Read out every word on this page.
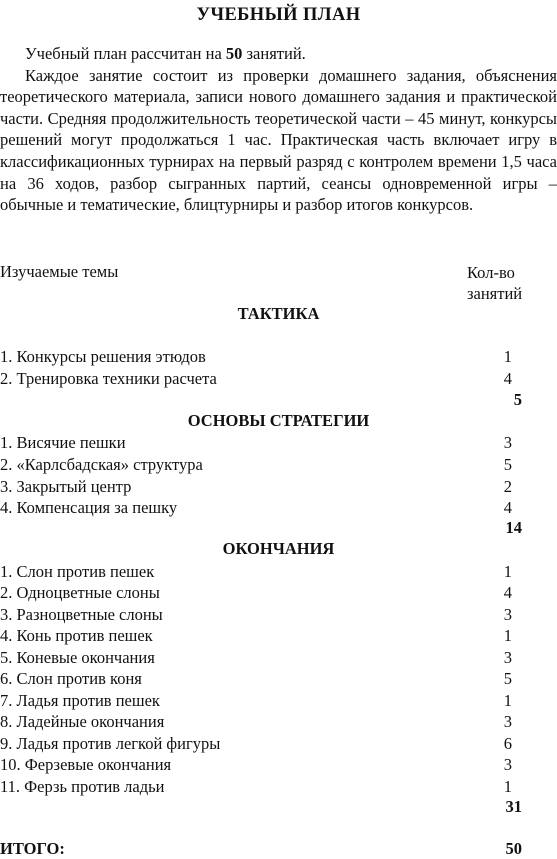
УЧЕБНЫЙ ПЛАН

Учебный план рассчитан на 50 занятий.

Каждое занятие состоит из проверки домашнего задания, объяснения теоретического материала, записи нового домашнего задания и практической части. Средняя продолжительность теоретической части – 45 минут, конкурсы решений могут продолжаться 1 час. Практическая часть включает игру в классификационных турнирах на первый разряд с контролем времени 1,5 часа на 36 ходов, разбор сыгранных партий, сеансы одновременной игры – обычные и тематические, блицтурниры и разбор итогов конкурсов.

Изучаемые темы	Кол-во
занятий
ТАКТИКА
1. Конкурсы решения этюдов	1
2. Тренировка техники расчета	4
5
ОСНОВЫ СТРАТЕГИИ
1. Висячие пешки	3
2. «Карлсбадская» структура	5
3. Закрытый центр	2
4. Компенсация за пешку	4
14
ОКОНЧАНИЯ
1. Слон против пешек	1
2. Одноцветные слоны	4
3. Разноцветные слоны	3
4. Конь против пешек	1
5. Коневые окончания	3
6. Слон против коня	5
7. Ладья против пешек	1
8. Ладейные окончания	3
9. Ладья против легкой фигуры	6
10. Ферзевые окончания	3
11. Ферзь против ладьи	1
31
ИТОГО:	50
